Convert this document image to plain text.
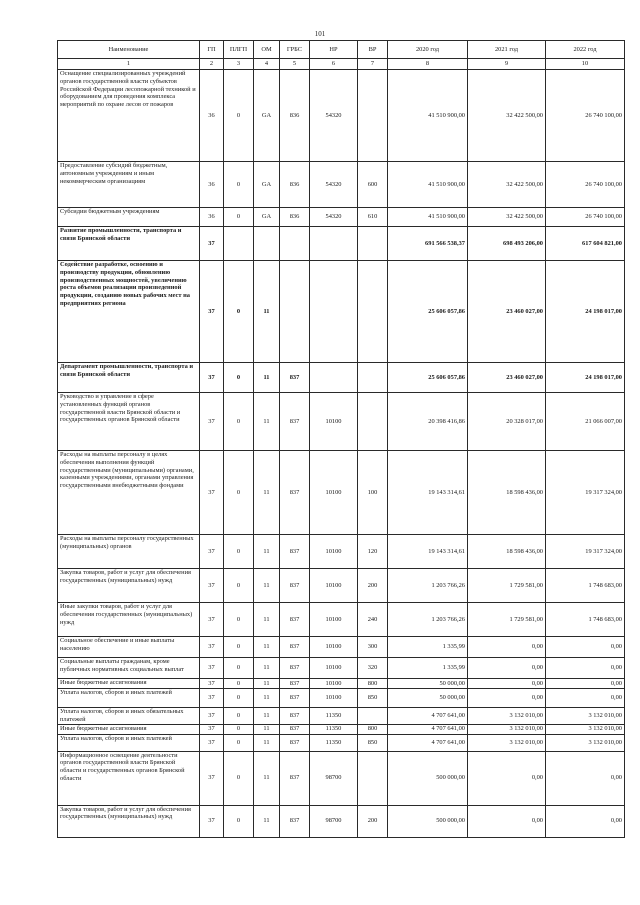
101
Наименование	ГП	ПЛГП	ОМ	ГРБС	НР	ВР	2020 год	2021 год	2022 год
1	2	3	4	5	6	7	8	9	10
Оснащение специализированных учреждений органов государственной власти субъектов Российской Федерации лесопожарной техникой и оборудованием для проведения комплекса мероприятий по охране лесов от пожаров	36	0	GA	836	54320		41 510 900,00	32 422 500,00	26 740 100,00
Предоставление субсидий бюджетным, автономным учреждениям и иным некоммерческим организациям	36	0	GA	836	54320	600	41 510 900,00	32 422 500,00	26 740 100,00
Субсидии бюджетным учреждениям	36	0	GA	836	54320	610	41 510 900,00	32 422 500,00	26 740 100,00
Развитие промышленности, транспорта и связи Брянской области	37						691 566 538,37	698 493 206,00	617 604 821,00
Содействие разработке, освоению и производству продукции, обновлению производственных мощностей, увеличению роста объемов реализации произведенной продукции, созданию новых рабочих мест на предприятиях региона	37	0	11				25 606 057,86	23 460 027,00	24 198 017,00
Департамент промышленности, транспорта и связи Брянской области	37	0	11	837			25 606 057,86	23 460 027,00	24 198 017,00
Руководство и управление в сфере установленных функций органов государственной власти Брянской области и государственных органов Брянской области	37	0	11	837	10100		20 398 416,86	20 328 017,00	21 066 007,00
Расходы на выплаты персоналу в целях обеспечения выполнения функций государственными (муниципальными) органами, казенными учреждениями, органами управления государственными внебюджетными фондами	37	0	11	837	10100	100	19 143 314,61	18 598 436,00	19 317 324,00
Расходы на выплаты персоналу государственных (муниципальных) органов	37	0	11	837	10100	120	19 143 314,61	18 598 436,00	19 317 324,00
Закупка товаров, работ и услуг для обеспечения государственных (муниципальных) нужд	37	0	11	837	10100	200	1 203 766,26	1 729 581,00	1 748 683,00
Иные закупки товаров, работ и услуг для обеспечения государственных (муниципальных) нужд	37	0	11	837	10100	240	1 203 766,26	1 729 581,00	1 748 683,00
Социальное обеспечение и иные выплаты населению	37	0	11	837	10100	300	1 335,99	0,00	0,00
Социальные выплаты гражданам, кроме публичных нормативных социальных выплат	37	0	11	837	10100	320	1 335,99	0,00	0,00
Иные бюджетные ассигнования	37	0	11	837	10100	800	50 000,00	0,00	0,00
Уплата налогов, сборов и иных платежей	37	0	11	837	10100	850	50 000,00	0,00	0,00
Уплата налогов, сборов и иных обязательных платежей	37	0	11	837	11350		4 707 641,00	3 132 010,00	3 132 010,00
Иные бюджетные ассигнования	37	0	11	837	11350	800	4 707 641,00	3 132 010,00	3 132 010,00
Уплата налогов, сборов и иных платежей	37	0	11	837	11350	850	4 707 641,00	3 132 010,00	3 132 010,00
Информационное освещение деятельности органов государственной власти Брянской области и государственных органов Брянской области	37	0	11	837	98700		500 000,00	0,00	0,00
Закупка товаров, работ и услуг для обеспечения государственных (муниципальных) нужд	37	0	11	837	98700	200	500 000,00	0,00	0,00
